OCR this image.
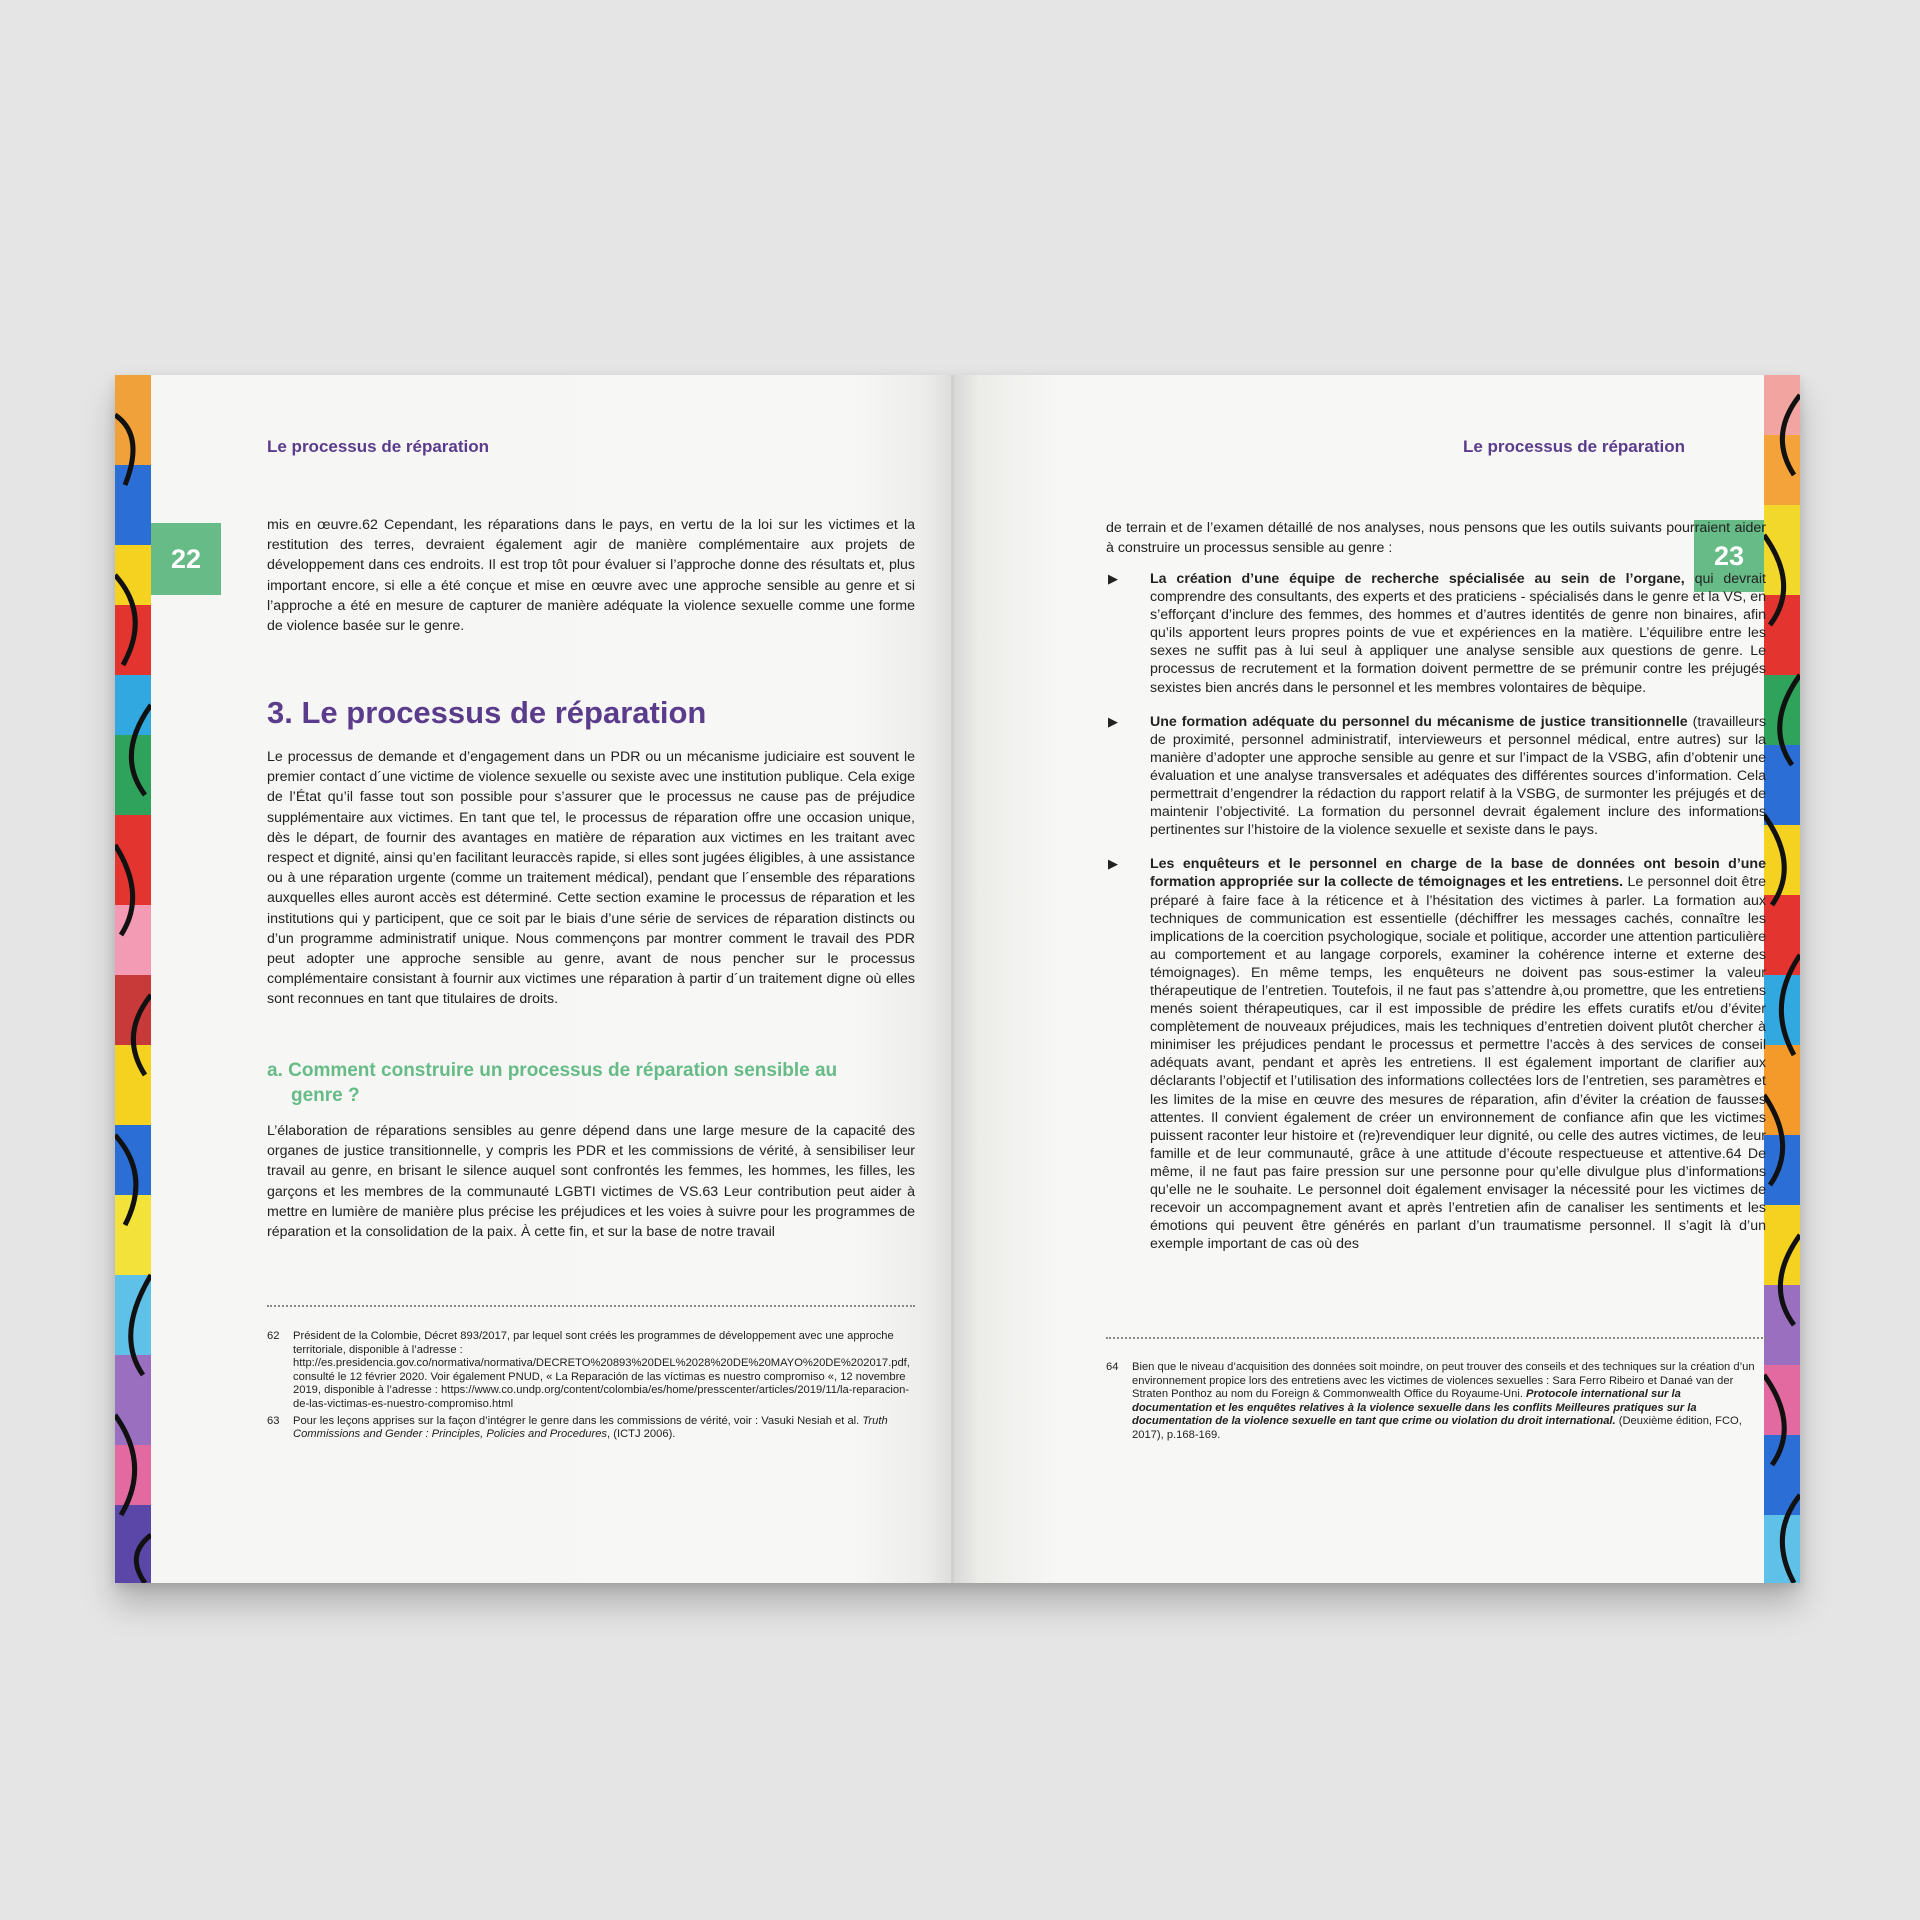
Le processus de réparation
22

mis en œuvre.62 Cependant, les réparations dans le pays, en vertu de la loi sur les victimes et la restitution des terres, devraient également agir de manière complémentaire aux projets de développement dans ces endroits. Il est trop tôt pour évaluer si l’approche donne des résultats et, plus important encore, si elle a été conçue et mise en œuvre avec une approche sensible au genre et si l’approche a été en mesure de capturer de manière adéquate la violence sexuelle comme une forme de violence basée sur le genre.

3. Le processus de réparation

Le processus de demande et d’engagement dans un PDR ou un mécanisme judiciaire est souvent le premier contact d´une victime de violence sexuelle ou sexiste avec une institution publique. Cela exige de l’État qu’il fasse tout son possible pour s’assurer que le processus ne cause pas de préjudice supplémentaire aux victimes. En tant que tel, le processus de réparation offre une occasion unique, dès le départ, de fournir des avantages en matière de réparation aux victimes en les traitant avec respect et dignité, ainsi qu’en facilitant leuraccès rapide, si elles sont jugées éligibles, à une assistance ou à une réparation urgente (comme un traitement médical), pendant que l´ensemble des réparations auxquelles elles auront accès est déterminé. Cette section examine le processus de réparation et les institutions qui y participent, que ce soit par le biais d’une série de services de réparation distincts ou d’un programme administratif unique. Nous commençons par montrer comment le travail des PDR peut adopter une approche sensible au genre, avant de nous pencher sur le processus complémentaire consistant à fournir aux victimes une réparation à partir d´un traitement digne où elles sont reconnues en tant que titulaires de droits.

a. Comment construire un processus de réparation sensible au
genre ?

L’élaboration de réparations sensibles au genre dépend dans une large mesure de la capacité des organes de justice transitionnelle, y compris les PDR et les commissions de vérité, à sensibiliser leur travail au genre, en brisant le silence auquel sont confrontés les femmes, les hommes, les filles, les garçons et les membres de la communauté LGBTI victimes de VS.63 Leur contribution peut aider à mettre en lumière de manière plus précise les préjudices et les voies à suivre pour les programmes de réparation et la consolidation de la paix. À cette fin, et sur la base de notre travail

62	Président de la Colombie, Décret 893/2017, par lequel sont créés les programmes de développement avec une approche territoriale, disponible à l’adresse : http://es.presidencia.gov.co/normativa/normativa/DECRETO%20893%20DEL%2028%20DE%20MAYO%20DE%202017.pdf, consulté le 12 février 2020. Voir également PNUD, « La Reparación de las víctimas es nuestro compromiso «, 12 novembre 2019, disponible à l’adresse : https://www.co.undp.org/content/colombia/es/home/presscenter/articles/2019/11/la-reparacion-de-las-victimas-es-nuestro-compromiso.html
63	Pour les leçons apprises sur la façon d’intégrer le genre dans les commissions de vérité, voir : Vasuki Nesiah et al. Truth Commissions and Gender : Principles, Policies and Procedures, (ICTJ 2006).
Le processus de réparation
23

de terrain et de l’examen détaillé de nos analyses, nous pensons que les outils suivants pourraient aider à construire un processus sensible au genre :

▶ La création d’une équipe de recherche spécialisée au sein de l’organe, qui devrait comprendre des consultants, des experts et des praticiens - spécialisés dans le genre et la VS, en s’efforçant d’inclure des femmes, des hommes et d’autres identités de genre non binaires, afin qu’ils apportent leurs propres points de vue et expériences en la matière. L’équilibre entre les sexes ne suffit pas à lui seul à appliquer une analyse sensible aux questions de genre. Le processus de recrutement et la formation doivent permettre de se prémunir contre les préjugés sexistes bien ancrés dans le personnel et les membres volontaires de bèquipe.
▶ Une formation adéquate du personnel du mécanisme de justice transitionnelle (travailleurs de proximité, personnel administratif, intervieweurs et personnel médical, entre autres) sur la manière d’adopter une approche sensible au genre et sur l’impact de la VSBG, afin d’obtenir une évaluation et une analyse transversales et adéquates des différentes sources d’information. Cela permettrait d’engendrer la rédaction du rapport relatif à la VSBG, de surmonter les préjugés et de maintenir l’objectivité. La formation du personnel devrait également inclure des informations pertinentes sur l’histoire de la violence sexuelle et sexiste dans le pays.
▶ Les enquêteurs et le personnel en charge de la base de données ont besoin d’une formation appropriée sur la collecte de témoignages et les entretiens. Le personnel doit être préparé à faire face à la réticence et à l’hésitation des victimes à parler. La formation aux techniques de communication est essentielle (déchiffrer les messages cachés, connaître les implications de la coercition psychologique, sociale et politique, accorder une attention particulière au comportement et au langage corporels, examiner la cohérence interne et externe des témoignages). En même temps, les enquêteurs ne doivent pas sous-estimer la valeur thérapeutique de l’entretien. Toutefois, il ne faut pas s’attendre à,ou promettre, que les entretiens menés soient thérapeutiques, car il est impossible de prédire les effets curatifs et/ou d’éviter complètement de nouveaux préjudices, mais les techniques d’entretien doivent plutôt chercher à minimiser les préjudices pendant le processus et permettre l’accès à des services de conseil adéquats avant, pendant et après les entretiens. Il est également important de clarifier aux déclarants l’objectif et l’utilisation des informations collectées lors de l’entretien, ses paramètres et les limites de la mise en œuvre des mesures de réparation, afin d’éviter la création de fausses attentes. Il convient également de créer un environnement de confiance afin que les victimes puissent raconter leur histoire et (re)revendiquer leur dignité, ou celle des autres victimes, de leur famille et de leur communauté, grâce à une attitude d’écoute respectueuse et attentive.64 De même, il ne faut pas faire pression sur une personne pour qu’elle divulgue plus d’informations qu’elle ne le souhaite. Le personnel doit également envisager la nécessité pour les victimes de recevoir un accompagnement avant et après l’entretien afin de canaliser les sentiments et les émotions qui peuvent être générés en parlant d’un traumatisme personnel. Il s’agit là d’un exemple important de cas où des
64	Bien que le niveau d’acquisition des données soit moindre, on peut trouver des conseils et des techniques sur la création d’un environnement propice lors des entretiens avec les victimes de violences sexuelles : Sara Ferro Ribeiro et Danaé van der Straten Ponthoz au nom du Foreign & Commonwealth Office du Royaume-Uni. Protocole international sur la documentation et les enquêtes relatives à la violence sexuelle dans les conflits Meilleures pratiques sur la documentation de la violence sexuelle en tant que crime ou violation du droit international. (Deuxième édition, FCO, 2017), p.168-169.
